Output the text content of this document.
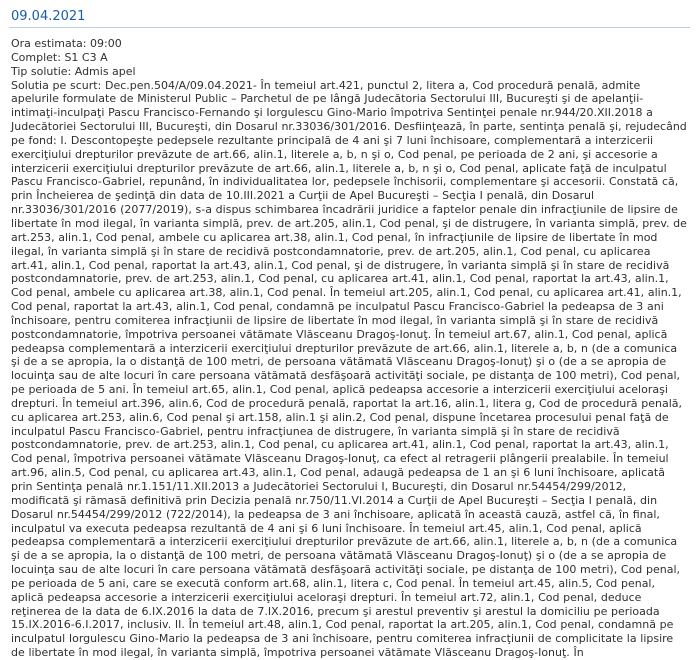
09.04.2021
Ora estimata: 09:00
Complet: S1 C3 A
Tip solutie: Admis apel
Solutia pe scurt: Dec.pen.504/A/09.04.2021- În temeiul art.421, punctul 2, litera a, Cod procedură penală, admite apelurile formulate de Ministerul Public – Parchetul de pe lângă Judecătoria Sectorului III, Bucureşti şi de apelanţii-intimaţi-inculpaţi Pascu Francisco-Fernando şi Iorgulescu Gino-Mario împotriva Sentinţei penale nr.944/20.XII.2018 a Judecătoriei Sectorului III, Bucureşti, din Dosarul nr.33036/301/2016. Desfiinţează, în parte, sentinţa penală şi, rejudecând pe fond: I. Descontopeşte pedepsele rezultante principală de 4 ani şi 7 luni închisoare, complementară a interzicerii exerciţiului drepturilor prevăzute de art.66, alin.1, literele a, b, n şi o, Cod penal, pe perioada de 2 ani, şi accesorie a interzicerii exerciţiului drepturilor prevăzute de art.66, alin.1, literele a, b, n şi o, Cod penal, aplicate faţă de inculpatul Pascu Francisco-Gabriel, repunând, în individualitatea lor, pedepsele închisorii, complementare şi accesorii. Constată că, prin Încheierea de şedinţă din data de 10.III.2021 a Curţii de Apel Bucureşti – Secţia I penală, din Dosarul nr.33036/301/2016 (2077/2019), s-a dispus schimbarea încadrării juridice a faptelor penale din infracţiunile de lipsire de libertate în mod ilegal, în varianta simplă, prev. de art.205, alin.1, Cod penal, şi de distrugere, în varianta simplă, prev. de art.253, alin.1, Cod penal, ambele cu aplicarea art.38, alin.1, Cod penal, în infracţiunile de lipsire de libertate în mod ilegal, în varianta simplă şi în stare de recidivă postcondamnatorie, prev. de art.205, alin.1, Cod penal, cu aplicarea art.41, alin.1, Cod penal, raportat la art.43, alin.1, Cod penal, şi de distrugere, în varianta simplă şi în stare de recidivă postcondamnatorie, prev. de art.253, alin.1, Cod penal, cu aplicarea art.41, alin.1, Cod penal, raportat la art.43, alin.1, Cod penal, ambele cu aplicarea art.38, alin.1, Cod penal. În temeiul art.205, alin.1, Cod penal, cu aplicarea art.41, alin.1, Cod penal, raportat la art.43, alin.1, Cod penal, condamnă pe inculpatul Pascu Francisco-Gabriel la pedeapsa de 3 ani închisoare, pentru comiterea infracţiunii de lipsire de libertate în mod ilegal, în varianta simplă şi în stare de recidivă postcondamnatorie, împotriva persoanei vătămate Vlăsceanu Dragoş-Ionuţ. În temeiul art.67, alin.1, Cod penal, aplică pedeapsa complementară a interzicerii exerciţiului drepturilor prevăzute de art.66, alin.1, literele a, b, n (de a comunica şi de a se apropia, la o distanţă de 100 metri, de persoana vătămată Vlăsceanu Dragoş-Ionuţ) şi o (de a se apropia de locuinţa sau de alte locuri în care persoana vătămată desfăşoară activităţi sociale, pe distanţa de 100 metri), Cod penal, pe perioada de 5 ani. În temeiul art.65, alin.1, Cod penal, aplică pedeapsa accesorie a interzicerii exerciţiului aceloraşi drepturi. În temeiul art.396, alin.6, Cod de procedură penală, raportat la art.16, alin.1, litera g, Cod de procedură penală, cu aplicarea art.253, alin.6, Cod penal şi art.158, alin.1 şi alin.2, Cod penal, dispune încetarea procesului penal faţă de inculpatul Pascu Francisco-Gabriel, pentru infracţiunea de distrugere, în varianta simplă şi în stare de recidivă postcondamnatorie, prev. de art.253, alin.1, Cod penal, cu aplicarea art.41, alin.1, Cod penal, raportat la art.43, alin.1, Cod penal, împotriva persoanei vătămate Vlăsceanu Dragoş-Ionuţ, ca efect al retragerii plângerii prealabile. În temeiul art.96, alin.5, Cod penal, cu aplicarea art.43, alin.1, Cod penal, adaugă pedeapsa de 1 an şi 6 luni închisoare, aplicată prin Sentinţa penală nr.1.151/11.XII.2013 a Judecătoriei Sectorului I, Bucureşti, din Dosarul nr.54454/299/2012, modificată şi rămasă definitivă prin Decizia penală nr.750/11.VI.2014 a Curţii de Apel Bucureşti – Secţia I penală, din Dosarul nr.54454/299/2012 (722/2014), la pedeapsa de 3 ani închisoare, aplicată în această cauză, astfel că, în final, inculpatul va executa pedeapsa rezultantă de 4 ani şi 6 luni închisoare. În temeiul art.45, alin.1, Cod penal, aplică pedeapsa complementară a interzicerii exerciţiului drepturilor prevăzute de art.66, alin.1, literele a, b, n (de a comunica şi de a se apropia, la o distanţă de 100 metri, de persoana vătămată Vlăsceanu Dragoş-Ionuţ) şi o (de a se apropia de locuinţa sau de alte locuri în care persoana vătămată desfăşoară activităţi sociale, pe distanţa de 100 metri), Cod penal, pe perioada de 5 ani, care se execută conform art.68, alin.1, litera c, Cod penal. În temeiul art.45, alin.5, Cod penal, aplică pedeapsa accesorie a interzicerii exerciţiului aceloraşi drepturi. În temeiul art.72, alin.1, Cod penal, deduce reţinerea de la data de 6.IX.2016 la data de 7.IX.2016, precum şi arestul preventiv şi arestul la domiciliu pe perioada 15.IX.2016-6.I.2017, inclusiv. II. În temeiul art.48, alin.1, Cod penal, raportat la art.205, alin.1, Cod penal, condamnă pe inculpatul Iorgulescu Gino-Mario la pedeapsa de 3 ani închisoare, pentru comiterea infracţiunii de complicitate la lipsire de libertate în mod ilegal, în varianta simplă, împotriva persoanei vătămate Vlăsceanu Dragoş-Ionuţ. În
